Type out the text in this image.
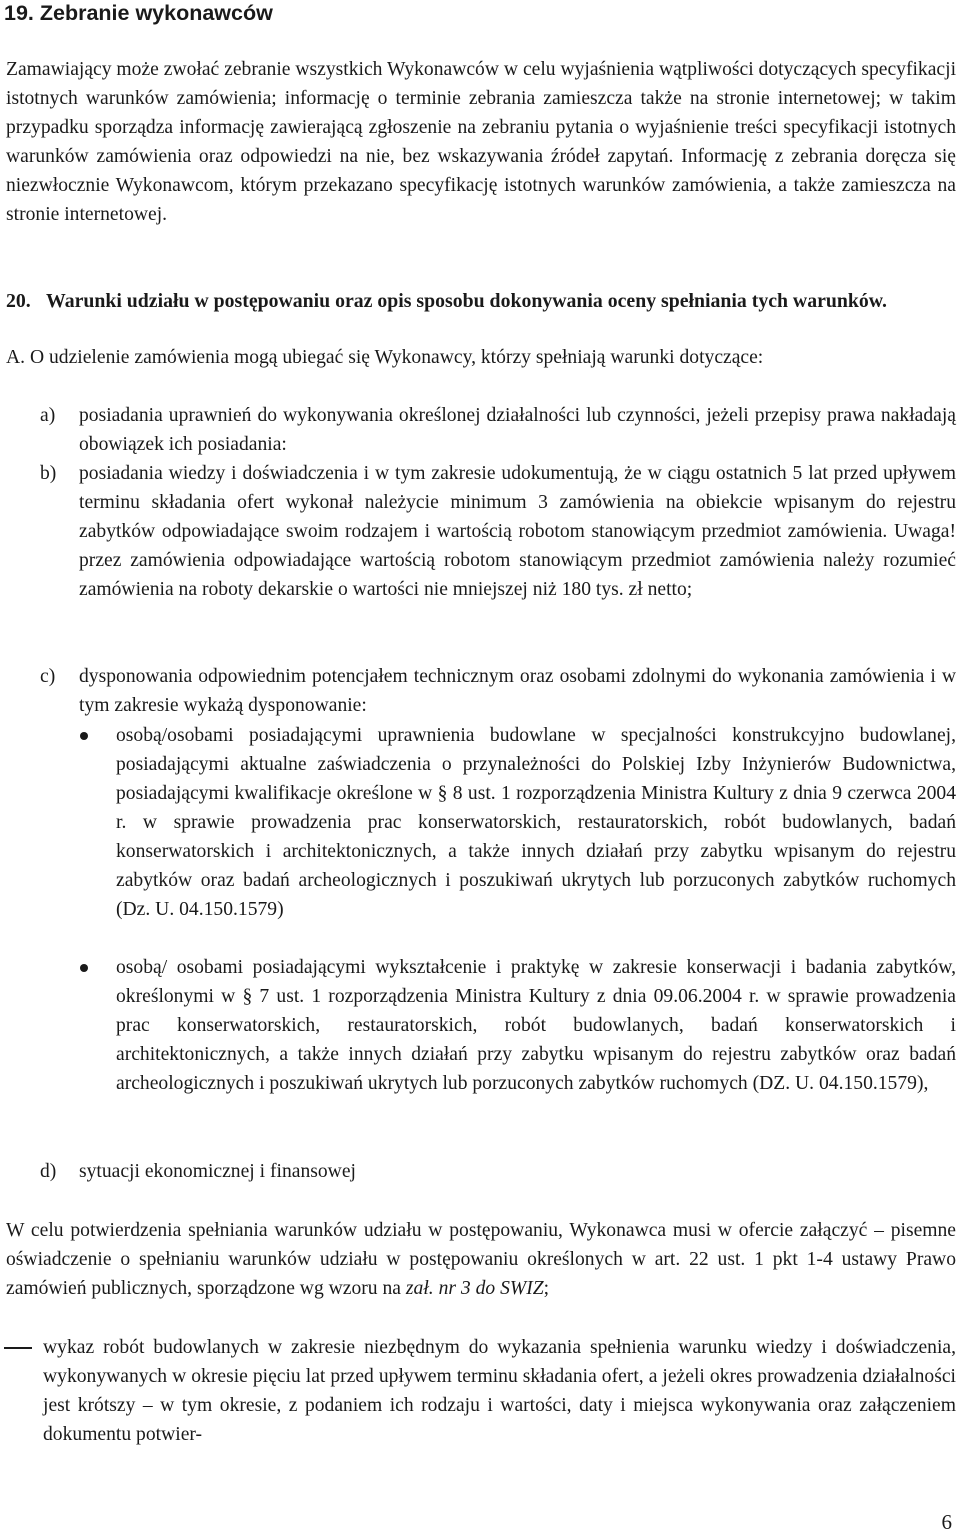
19. Zebranie wykonawców
Zamawiający może zwołać zebranie wszystkich Wykonawców w celu wyjaśnienia wątpliwości dotyczących specyfikacji istotnych warunków zamówienia; informację o terminie zebrania zamieszcza także na stronie internetowej; w takim przypadku sporządza informację zawierającą zgłoszenie na zebraniu pytania o wyjaśnienie treści specyfikacji istotnych warunków zamówienia oraz odpowiedzi na nie, bez wskazywania źródeł zapytań. Informację z zebrania doręcza się niezwłocznie Wykonawcom, którym przekazano specyfikację istotnych warunków zamówienia, a także zamieszcza na stronie internetowej.
20. Warunki udziału w postępowaniu oraz opis sposobu dokonywania oceny spełniania tych warunków.
A. O udzielenie zamówienia mogą ubiegać się Wykonawcy, którzy spełniają warunki dotyczące:
a)	posiadania uprawnień do wykonywania określonej działalności lub czynności, jeżeli przepisy prawa nakładają obowiązek ich posiadania:
b)	posiadania wiedzy i doświadczenia i w tym zakresie udokumentują, że w ciągu ostatnich 5 lat przed upływem terminu składania ofert wykonał należycie minimum 3 zamówienia na obiekcie wpisanym do rejestru zabytków odpowiadające swoim rodzajem i wartością robotom stanowiącym przedmiot zamówienia. Uwaga! przez zamówienia odpowiadające wartością robotom stanowiącym przedmiot zamówienia należy rozumieć zamówienia na roboty dekarskie o wartości nie mniejszej niż 180 tys. zł netto;
c)	dysponowania odpowiednim potencjałem technicznym oraz osobami zdolnymi do wykonania zamówienia i w tym zakresie wykażą dysponowanie:
osobą/osobami posiadającymi uprawnienia budowlane w specjalności konstrukcyjno budowlanej, posiadającymi aktualne zaświadczenia o przynależności do Polskiej Izby Inżynierów Budownictwa, posiadającymi kwalifikacje określone w § 8 ust. 1 rozporządzenia Ministra Kultury z dnia 9 czerwca 2004 r. w sprawie prowadzenia prac konserwatorskich, restauratorskich, robót budowlanych, badań konserwatorskich i architektonicznych, a także innych działań przy zabytku wpisanym do rejestru zabytków oraz badań archeologicznych i poszukiwań ukrytych lub porzuconych zabytków ruchomych (Dz. U. 04.150.1579)
osobą/ osobami posiadającymi wykształcenie i praktykę w zakresie konserwacji i badania zabytków, określonymi w § 7 ust. 1 rozporządzenia Ministra Kultury z dnia 09.06.2004 r. w sprawie prowadzenia prac konserwatorskich, restauratorskich, robót budowlanych, badań konserwatorskich i architektonicznych, a także innych działań przy zabytku wpisanym do rejestru zabytków oraz badań archeologicznych i poszukiwań ukrytych lub porzuconych zabytków ruchomych (DZ. U. 04.150.1579),
d)	sytuacji ekonomicznej i finansowej
W celu potwierdzenia spełniania warunków udziału w postępowaniu, Wykonawca musi w ofercie załączyć – pisemne oświadczenie o spełnianiu warunków udziału w postępowaniu określonych w art. 22 ust. 1 pkt 1-4 ustawy Prawo zamówień publicznych, sporządzone wg wzoru na zał. nr 3 do SWIZ;
wykaz robót budowlanych w zakresie niezbędnym do wykazania spełnienia warunku wiedzy i doświadczenia, wykonywanych w okresie pięciu lat przed upływem terminu składania ofert, a jeżeli okres prowadzenia działalności jest krótszy – w tym okresie, z podaniem ich rodzaju i wartości, daty i miejsca wykonywania oraz załączeniem dokumentu potwier-
6
